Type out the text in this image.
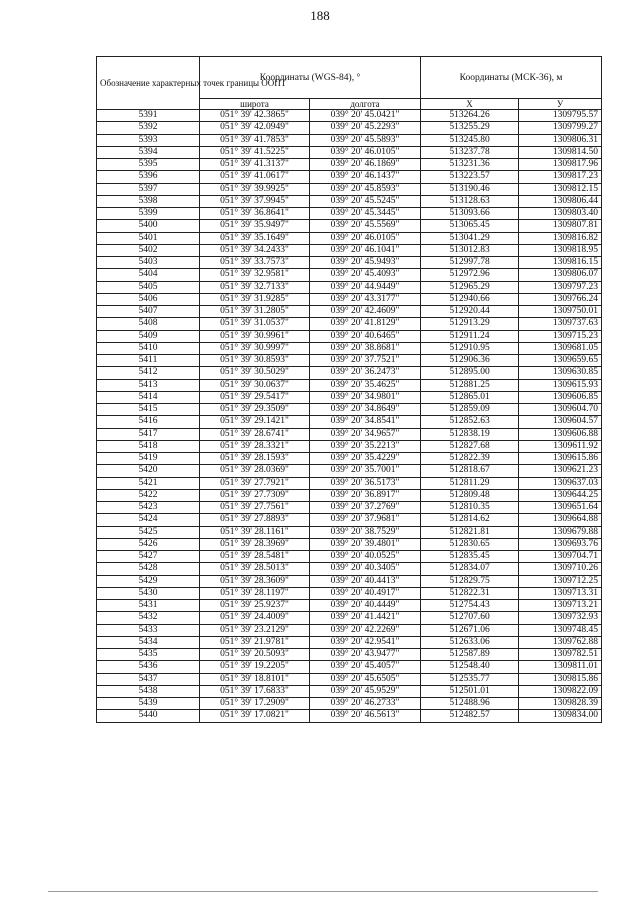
188
Обозначение характерных точек границы ООПТ	Координаты (WGS-84), °		Координаты (МСК-36), м	
	широта	долгота	X	У
5391	051° 39' 42.3865"	039° 20' 45.0421"	513264.26	1309795.57
5392	051° 39' 42.0949"	039° 20' 45.2293"	513255.29	1309799.27
5393	051° 39' 41.7853"	039° 20' 45.5893"	513245.80	1309806.31
5394	051° 39' 41.5225"	039° 20' 46.0105"	513237.78	1309814.50
5395	051° 39' 41.3137"	039° 20' 46.1869"	513231.36	1309817.96
5396	051° 39' 41.0617"	039° 20' 46.1437"	513223.57	1309817.23
5397	051° 39' 39.9925"	039° 20' 45.8593"	513190.46	1309812.15
5398	051° 39' 37.9945"	039° 20' 45.5245"	513128.63	1309806.44
5399	051° 39' 36.8641"	039° 20' 45.3445"	513093.66	1309803.40
5400	051° 39' 35.9497"	039° 20' 45.5569"	513065.45	1309807.81
5401	051° 39' 35.1649"	039° 20' 46.0105"	513041.29	1309816.82
5402	051° 39' 34.2433"	039° 20' 46.1041"	513012.83	1309818.95
5403	051° 39' 33.7573"	039° 20' 45.9493"	512997.78	1309816.15
5404	051° 39' 32.9581"	039° 20' 45.4093"	512972.96	1309806.07
5405	051° 39' 32.7133"	039° 20' 44.9449"	512965.29	1309797.23
5406	051° 39' 31.9285"	039° 20' 43.3177"	512940.66	1309766.24
5407	051° 39' 31.2805"	039° 20' 42.4609"	512920.44	1309750.01
5408	051° 39' 31.0537"	039° 20' 41.8129"	512913.29	1309737.63
5409	051° 39' 30.9961"	039° 20' 40.6465"	512911.24	1309715.23
5410	051° 39' 30.9997"	039° 20' 38.8681"	512910.95	1309681.05
5411	051° 39' 30.8593"	039° 20' 37.7521"	512906.36	1309659.65
5412	051° 39' 30.5029"	039° 20' 36.2473"	512895.00	1309630.85
5413	051° 39' 30.0637"	039° 20' 35.4625"	512881.25	1309615.93
5414	051° 39' 29.5417"	039° 20' 34.9801"	512865.01	1309606.85
5415	051° 39' 29.3509"	039° 20' 34.8649"	512859.09	1309604.70
5416	051° 39' 29.1421"	039° 20' 34.8541"	512852.63	1309604.57
5417	051° 39' 28.6741"	039° 20' 34.9657"	512838.19	1309606.88
5418	051° 39' 28.3321"	039° 20' 35.2213"	512827.68	1309611.92
5419	051° 39' 28.1593"	039° 20' 35.4229"	512822.39	1309615.86
5420	051° 39' 28.0369"	039° 20' 35.7001"	512818.67	1309621.23
5421	051° 39' 27.7921"	039° 20' 36.5173"	512811.29	1309637.03
5422	051° 39' 27.7309"	039° 20' 36.8917"	512809.48	1309644.25
5423	051° 39' 27.7561"	039° 20' 37.2769"	512810.35	1309651.64
5424	051° 39' 27.8893"	039° 20' 37.9681"	512814.62	1309664.88
5425	051° 39' 28.1161"	039° 20' 38.7529"	512821.81	1309679.88
5426	051° 39' 28.3969"	039° 20' 39.4801"	512830.65	1309693.76
5427	051° 39' 28.5481"	039° 20' 40.0525"	512835.45	1309704.71
5428	051° 39' 28.5013"	039° 20' 40.3405"	512834.07	1309710.26
5429	051° 39' 28.3609"	039° 20' 40.4413"	512829.75	1309712.25
5430	051° 39' 28.1197"	039° 20' 40.4917"	512822.31	1309713.31
5431	051° 39' 25.9237"	039° 20' 40.4449"	512754.43	1309713.21
5432	051° 39' 24.4009"	039° 20' 41.4421"	512707.60	1309732.93
5433	051° 39' 23.2129"	039° 20' 42.2269"	512671.06	1309748.45
5434	051° 39' 21.9781"	039° 20' 42.9541"	512633.06	1309762.88
5435	051° 39' 20.5093"	039° 20' 43.9477"	512587.89	1309782.51
5436	051° 39' 19.2205"	039° 20' 45.4057"	512548.40	1309811.01
5437	051° 39' 18.8101"	039° 20' 45.6505"	512535.77	1309815.86
5438	051° 39' 17.6833"	039° 20' 45.9529"	512501.01	1309822.09
5439	051° 39' 17.2909"	039° 20' 46.2733"	512488.96	1309828.39
5440	051° 39' 17.0821"	039° 20' 46.5613"	512482.57	1309834.00
